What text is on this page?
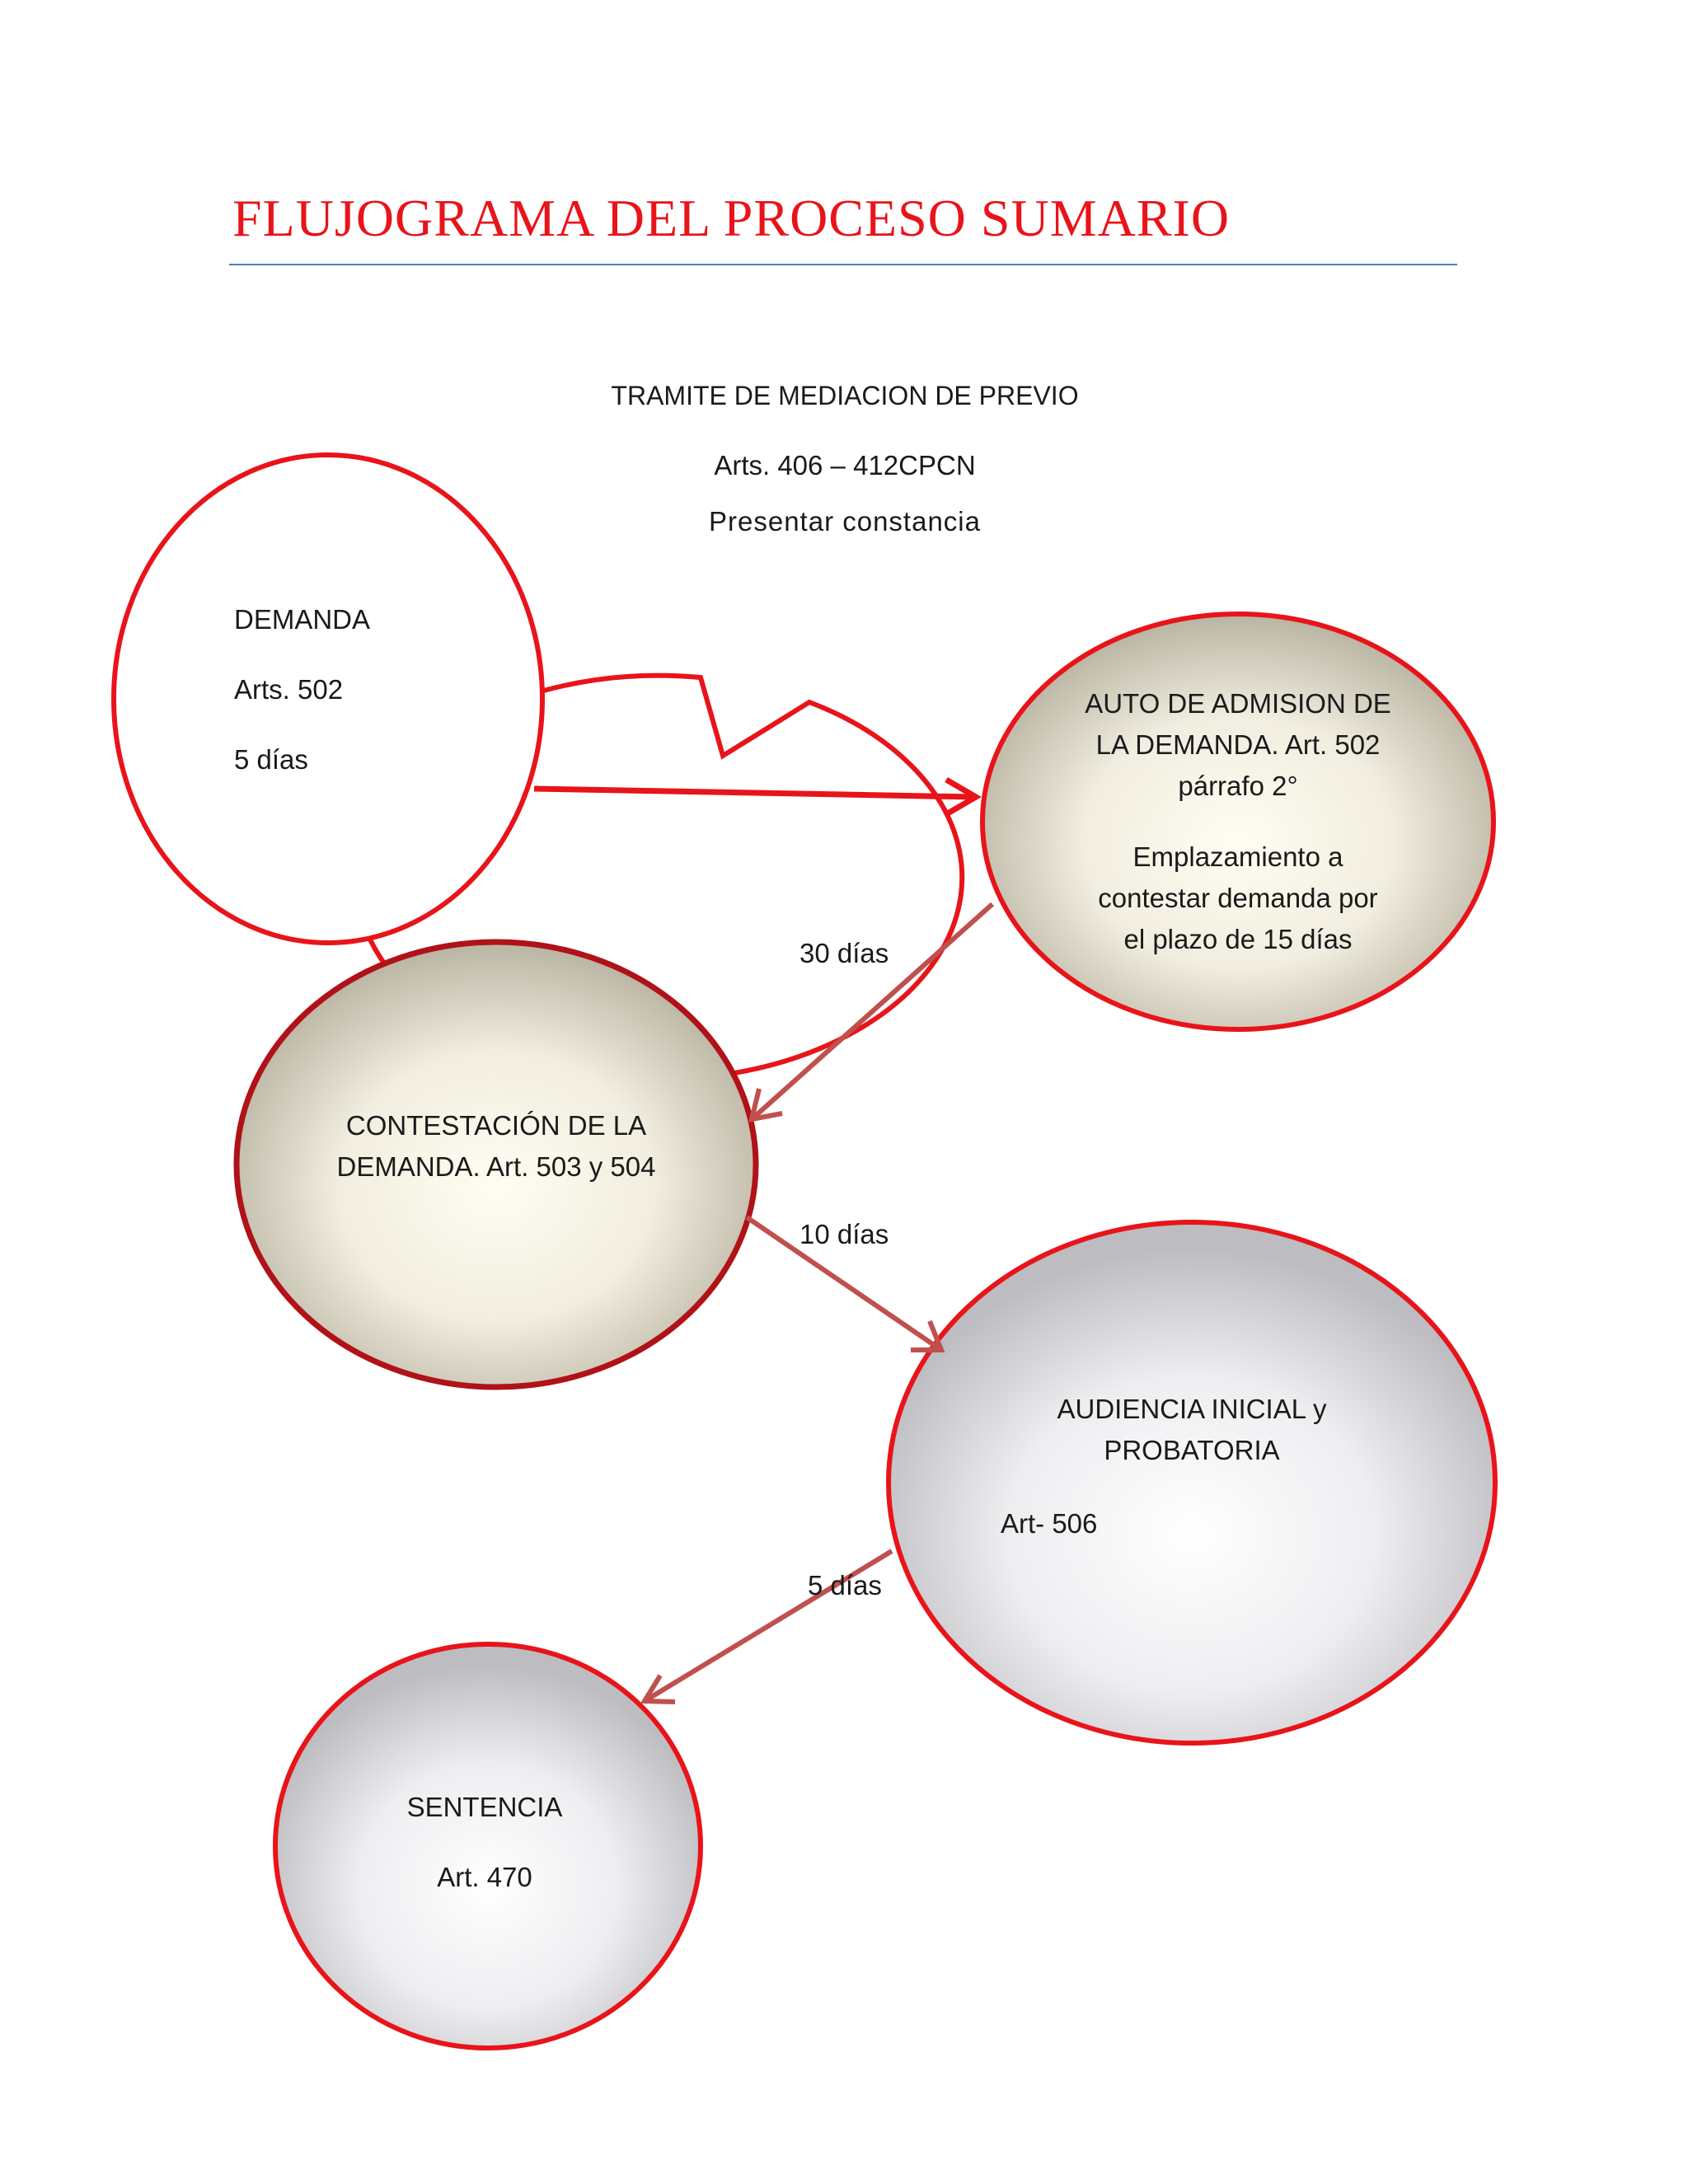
FLUJOGRAMA DEL PROCESO SUMARIO
TRAMITE DE MEDIACION DE PREVIO
Arts. 406 – 412CPCN
Presentar constancia
DEMANDA
Arts. 502
5 días
AUTO DE ADMISION DE
LA DEMANDA. Art. 502
párrafo 2°
Emplazamiento a
contestar demanda por
el plazo de 15 días
CONTESTACIÓN DE LA
DEMANDA. Art. 503 y 504
AUDIENCIA INICIAL y
PROBATORIA
Art- 506
SENTENCIA
Art. 470
30 días
10 días
5 días
